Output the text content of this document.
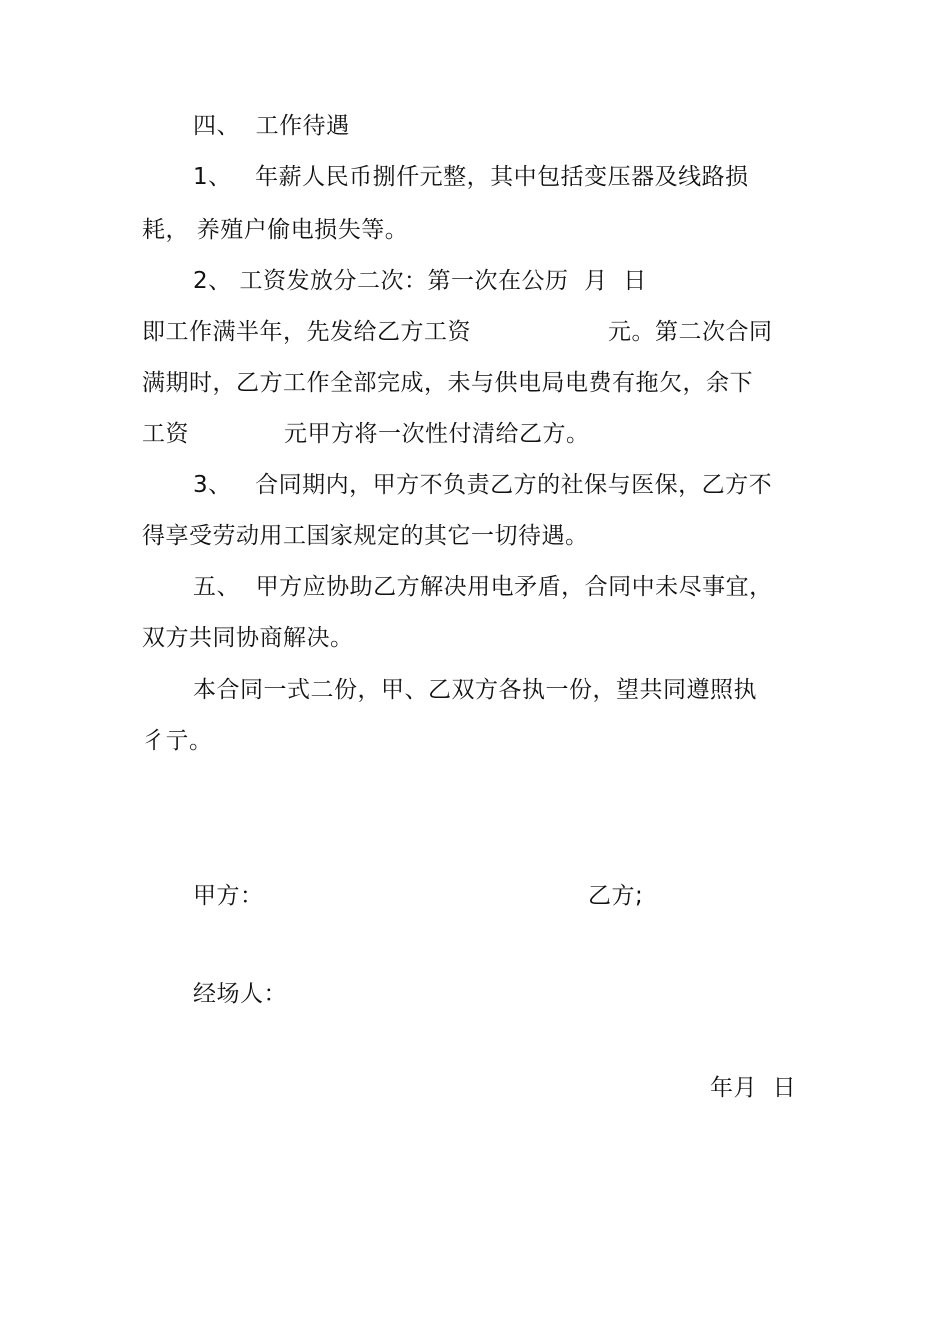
四、  工作待遇
1、   年薪人民币捌仟元整，其中包括变压器及线路损
耗， 养殖户偷电损失等。
2、 工资发放分二次：第一次在公历  月  日
即工作满半年，先发给乙方工资	元。第二次合同
满期时，乙方工作全部完成，未与供电局电费有拖欠，余下
工资	元甲方将一次性付清给乙方。
3、   合同期内，甲方不负责乙方的社保与医保，乙方不
得享受劳动用工国家规定的其它一切待遇。
五、  甲方应协助乙方解决用电矛盾，合同中未尽事宜，
双方共同协商解决。
本合同一式二份，甲、乙双方各执一份，望共同遵照执
彳亍。
甲方：	乙方;
经场人：
年月  日
